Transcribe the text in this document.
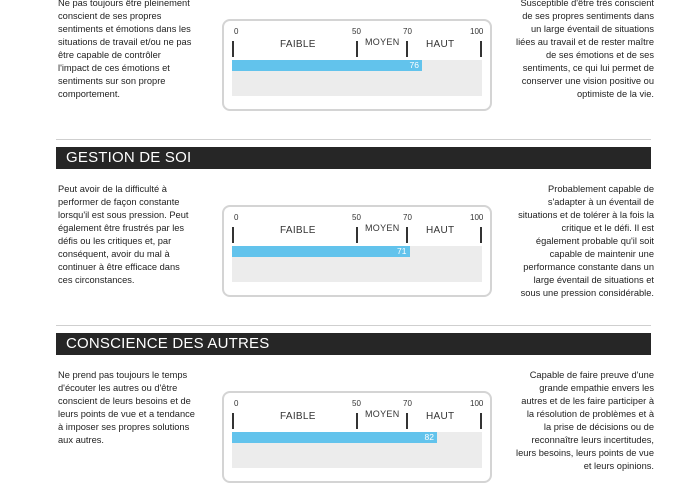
Ne pas toujours être pleinement
conscient de ses propres
sentiments et émotions dans les
situations de travail et/ou ne pas
être capable de contrôler
l'impact de ces émotions et
sentiments sur son propre
comportement.
0	50	70	100
FAIBLE	MOYEN	HAUT
76
Susceptible d'être très conscient
de ses propres sentiments dans
un large éventail de situations
liées au travail et de rester maître
de ses émotions et de ses
sentiments, ce qui lui permet de
conserver une vision positive ou
optimiste de la vie.
GESTION DE SOI
Peut avoir de la difficulté à
performer de façon constante
lorsqu'il est sous pression. Peut
également être frustrés par les
défis ou les critiques et, par
conséquent, avoir du mal à
continuer à être efficace dans
ces circonstances.
0	50	70	100
FAIBLE	MOYEN	HAUT
71
Probablement capable de
s'adapter à un éventail de
situations et de tolérer à la fois la
critique et le défi. Il est
également probable qu'il soit
capable de maintenir une
performance constante dans un
large éventail de situations et
sous une pression considérable.
CONSCIENCE DES AUTRES
Ne prend pas toujours le temps
d'écouter les autres ou d'être
conscient de leurs besoins et de
leurs points de vue et a tendance
à imposer ses propres solutions
aux autres.
0	50	70	100
FAIBLE	MOYEN	HAUT
82
Capable de faire preuve d'une
grande empathie envers les
autres et de les faire participer à
la résolution de problèmes et à
la prise de décisions ou de
reconnaître leurs incertitudes,
leurs besoins, leurs points de vue
et leurs opinions.
